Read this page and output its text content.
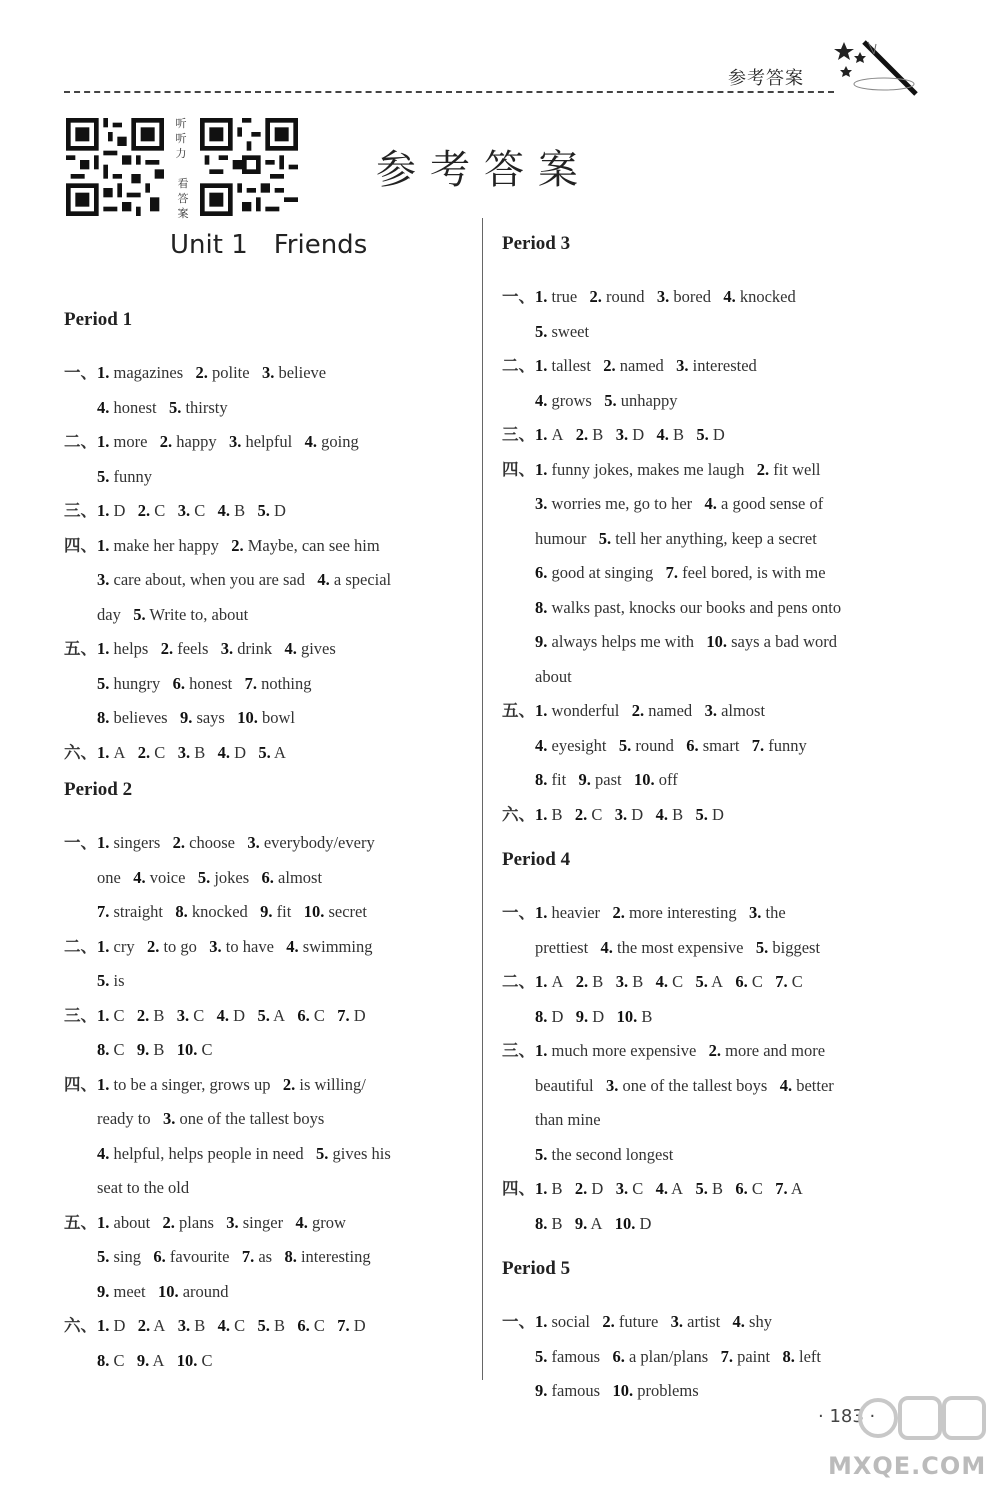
参考答案
听听力
看答案
参考答案
Unit 1 Friends
Period 1
一、1. magazines 2. polite 3. believe
4. honest 5. thirsty
二、1. more 2. happy 3. helpful 4. going
5. funny
三、1. D 2. C 3. C 4. B 5. D
四、1. make her happy 2. Maybe, can see him
3. care about, when you are sad 4. a special
day 5. Write to, about
五、1. helps 2. feels 3. drink 4. gives
5. hungry 6. honest 7. nothing
8. believes 9. says 10. bowl
六、1. A 2. C 3. B 4. D 5. A
Period 2
一、1. singers 2. choose 3. everybody/every
one 4. voice 5. jokes 6. almost
7. straight 8. knocked 9. fit 10. secret
二、1. cry 2. to go 3. to have 4. swimming
5. is
三、1. C 2. B 3. C 4. D 5. A 6. C 7. D
8. C 9. B 10. C
四、1. to be a singer, grows up 2. is willing/
ready to 3. one of the tallest boys
4. helpful, helps people in need 5. gives his
seat to the old
五、1. about 2. plans 3. singer 4. grow
5. sing 6. favourite 7. as 8. interesting
9. meet 10. around
六、1. D 2. A 3. B 4. C 5. B 6. C 7. D
8. C 9. A 10. C
Period 3
一、1. true 2. round 3. bored 4. knocked
5. sweet
二、1. tallest 2. named 3. interested
4. grows 5. unhappy
三、1. A 2. B 3. D 4. B 5. D
四、1. funny jokes, makes me laugh 2. fit well
3. worries me, go to her 4. a good sense of
humour 5. tell her anything, keep a secret
6. good at singing 7. feel bored, is with me
8. walks past, knocks our books and pens onto
9. always helps me with 10. says a bad word
about
五、1. wonderful 2. named 3. almost
4. eyesight 5. round 6. smart 7. funny
8. fit 9. past 10. off
六、1. B 2. C 3. D 4. B 5. D
Period 4
一、1. heavier 2. more interesting 3. the
prettiest 4. the most expensive 5. biggest
二、1. A 2. B 3. B 4. C 5. A 6. C 7. C
8. D 9. D 10. B
三、1. much more expensive 2. more and more
beautiful 3. one of the tallest boys 4. better
than mine
5. the second longest
四、1. B 2. D 3. C 4. A 5. B 6. C 7. A
8. B 9. A 10. D
Period 5
一、1. social 2. future 3. artist 4. shy
5. famous 6. a plan/plans 7. paint 8. left
9. famous 10. problems
· 183 ·
MXQE.COM
